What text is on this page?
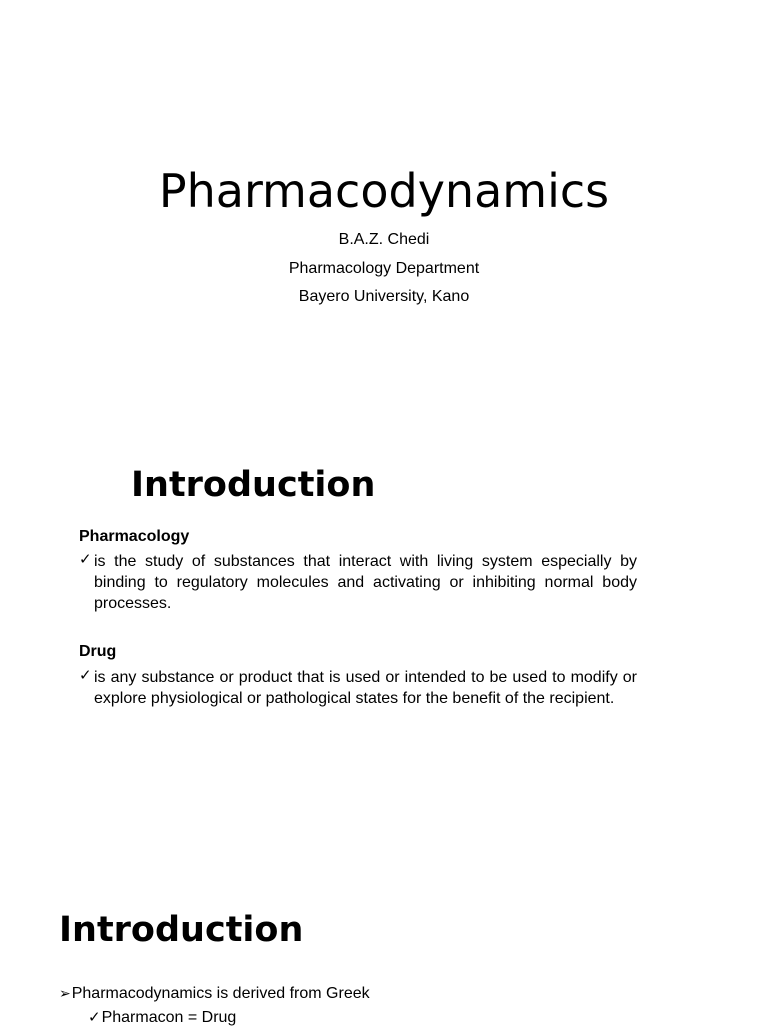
Pharmacodynamics
B.A.Z. Chedi
Pharmacology Department
Bayero University, Kano
Introduction
Pharmacology
✓ is the study of substances that interact with living system especially by binding to regulatory molecules and activating or inhibiting normal body processes.
Drug
✓ is any substance or product that is used or intended to be used to modify or explore physiological or pathological states for the benefit of the recipient.
Introduction
➢Pharmacodynamics is derived from Greek
✓Pharmacon = Drug
